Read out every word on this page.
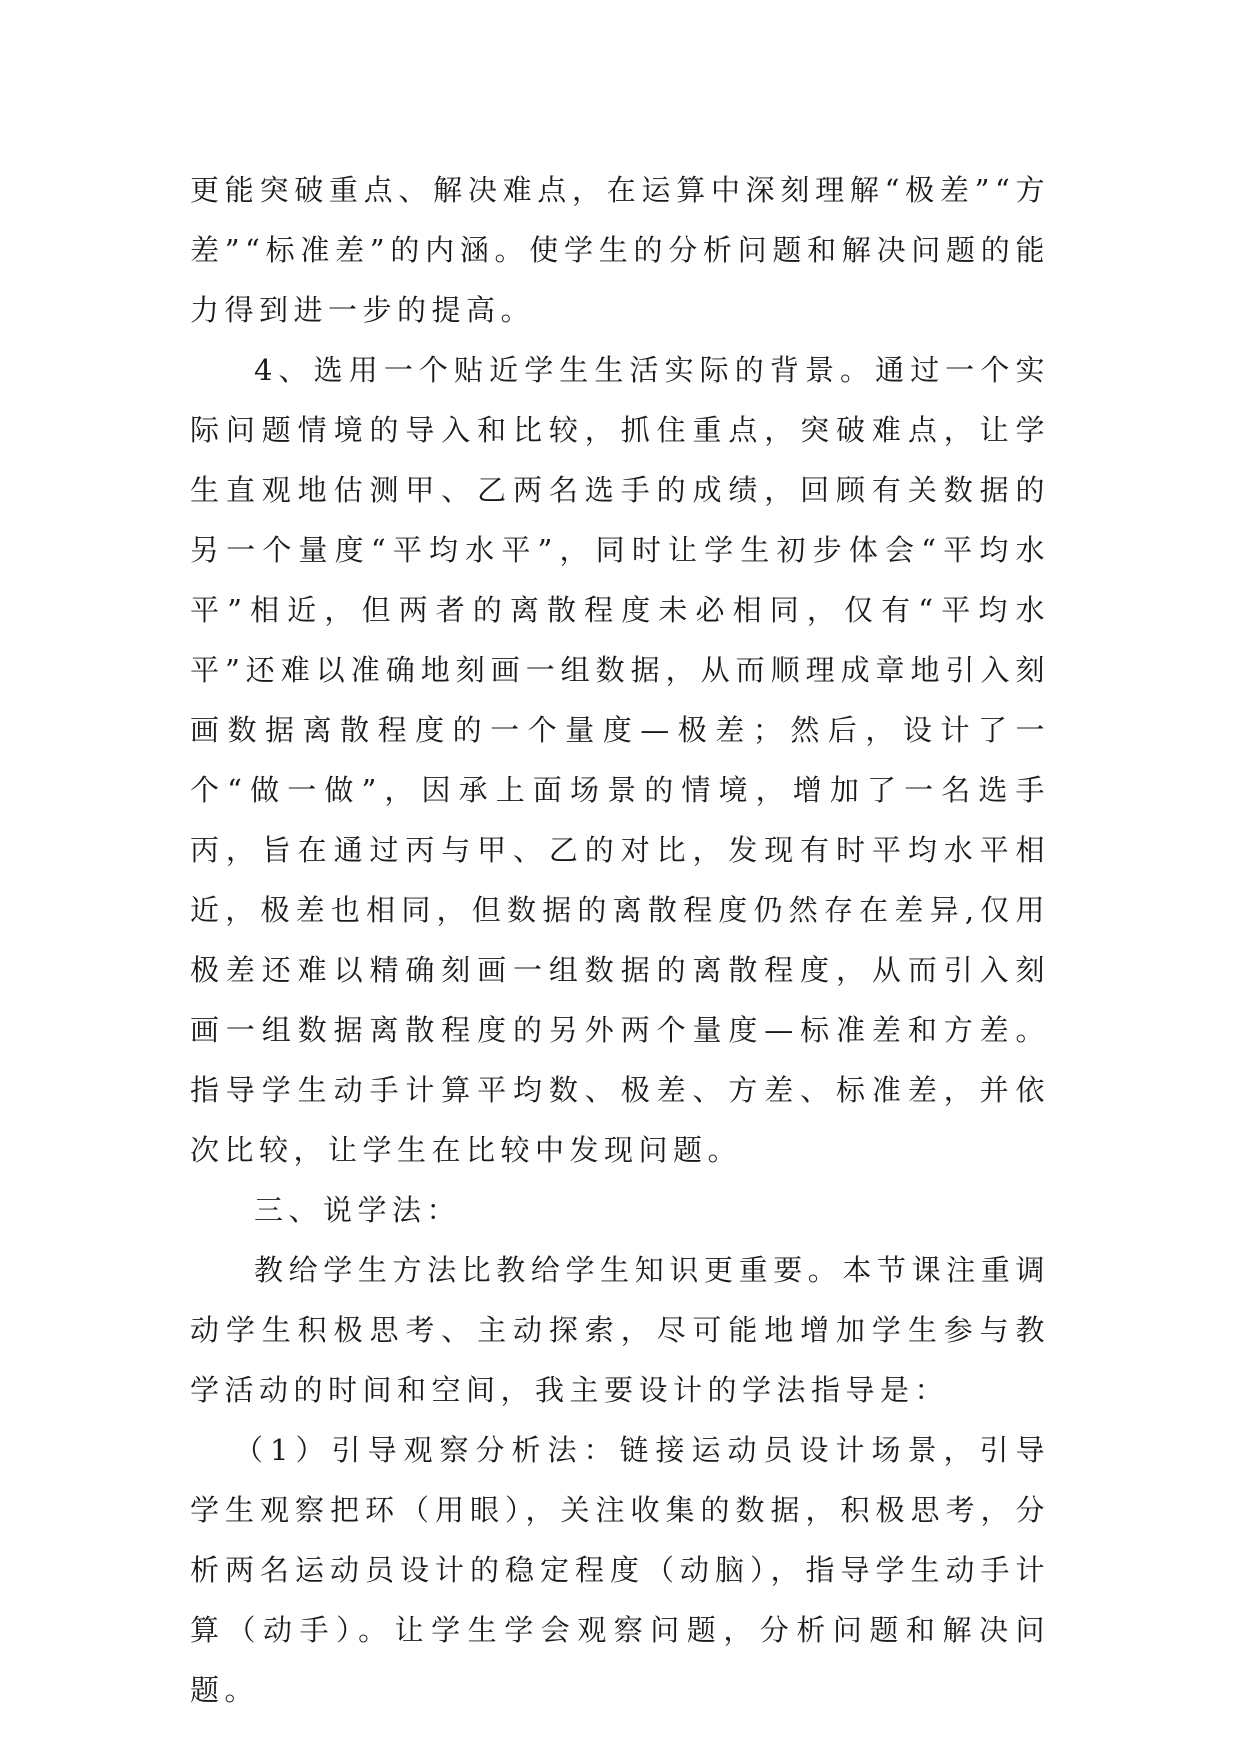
更能突破重点、解决难点，在运算中深刻理解“极差”“方差”“标准差”的内涵。使学生的分析问题和解决问题的能力得到进一步的提高。

4、选用一个贴近学生生活实际的背景。通过一个实际问题情境的导入和比较，抓住重点，突破难点，让学生直观地估测甲、乙两名选手的成绩，回顾有关数据的另一个量度“平均水平”，同时让学生初步体会“平均水平”相近，但两者的离散程度未必相同，仅有“平均水平”还难以准确地刻画一组数据，从而顺理成章地引入刻画数据离散程度的一个量度—极差；然后，设计了一个“做一做”，因承上面场景的情境，增加了一名选手丙，旨在通过丙与甲、乙的对比，发现有时平均水平相近，极差也相同，但数据的离散程度仍然存在差异,仅用极差还难以精确刻画一组数据的离散程度，从而引入刻画一组数据离散程度的另外两个量度—标准差和方差。指导学生动手计算平均数、极差、方差、标准差，并依次比较，让学生在比较中发现问题。

三、说学法：

教给学生方法比教给学生知识更重要。本节课注重调动学生积极思考、主动探索，尽可能地增加学生参与教学活动的时间和空间，我主要设计的学法指导是：

（1）引导观察分析法：链接运动员设计场景，引导学生观察把环（用眼），关注收集的数据，积极思考，分析两名运动员设计的稳定程度（动脑），指导学生动手计算（动手）。让学生学会观察问题，分析问题和解决问题。
